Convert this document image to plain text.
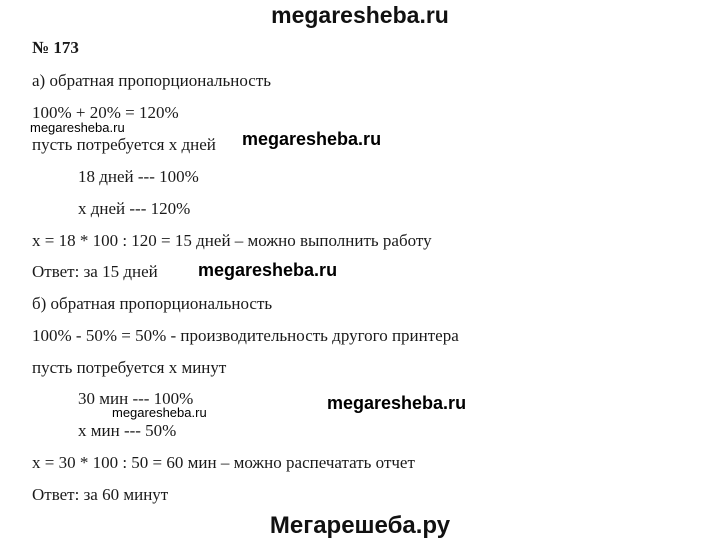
megaresheba.ru
№ 173
а) обратная пропорциональность
100% + 20% = 120%
пусть потребуется х дней
18 дней --- 100%
х дней --- 120%
х = 18 * 100 : 120 = 15 дней – можно выполнить работу
Ответ: за 15 дней
б) обратная пропорциональность
100% - 50% = 50% - производительность другого принтера
пусть потребуется х минут
30 мин --- 100%
х мин --- 50%
х = 30 * 100 : 50 = 60 мин – можно распечатать отчет
Ответ: за 60 минут
megaresheba.ru
megaresheba.ru
megaresheba.ru
megaresheba.ru
megaresheba.ru
Мегарешеба.ру
